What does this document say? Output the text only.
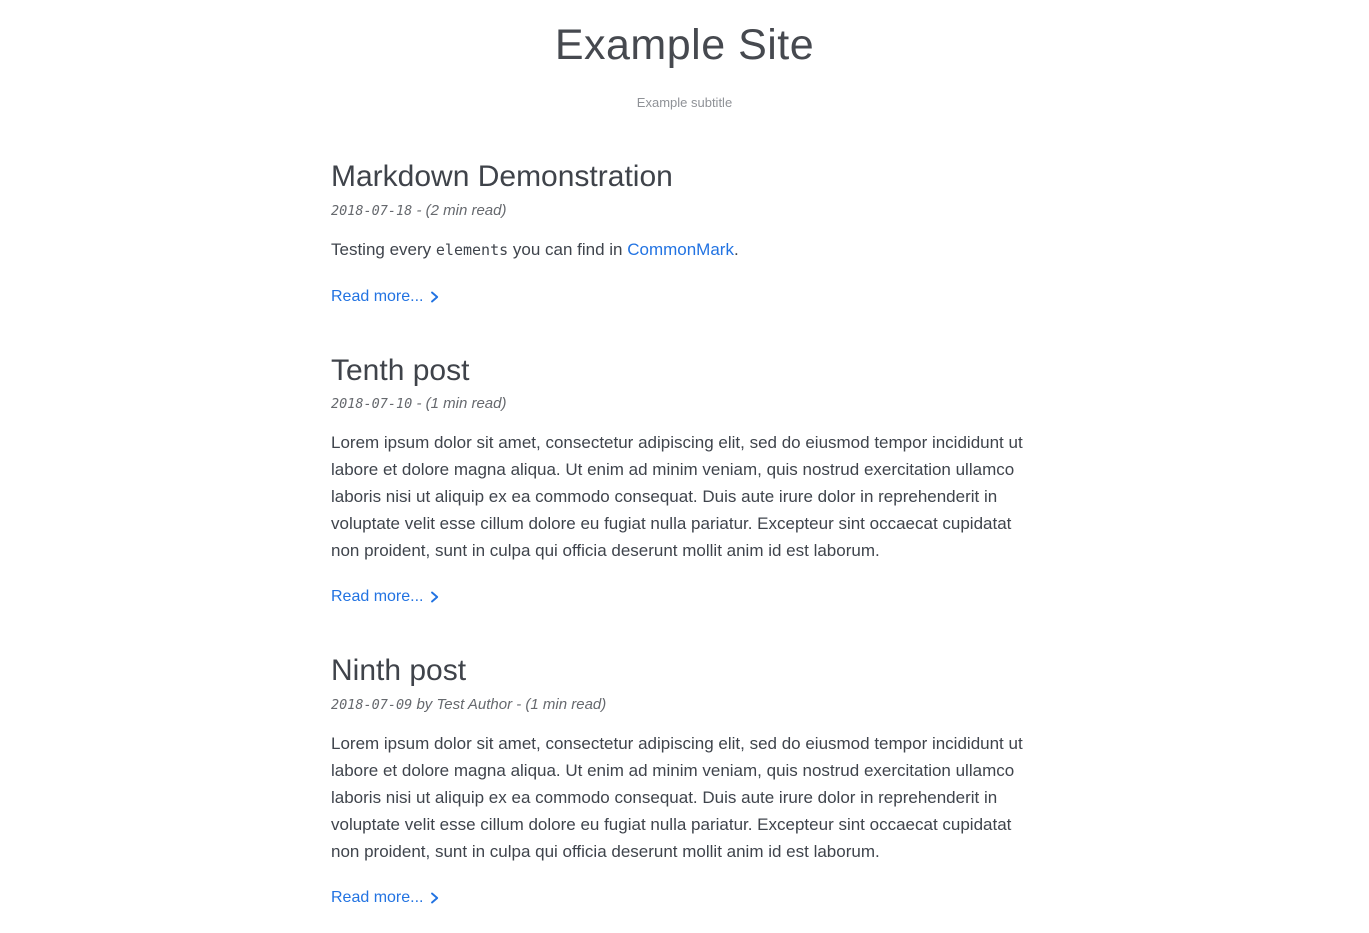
Example Site

Example subtitle

Markdown Demonstration

2018-07-18 - (2 min read)

Testing every elements you can find in CommonMark.

Read more...

Tenth post

2018-07-10 - (1 min read)

Lorem ipsum dolor sit amet, consectetur adipiscing elit, sed do eiusmod tempor incididunt ut labore et dolore magna aliqua. Ut enim ad minim veniam, quis nostrud exercitation ullamco laboris nisi ut aliquip ex ea commodo consequat. Duis aute irure dolor in reprehenderit in voluptate velit esse cillum dolore eu fugiat nulla pariatur. Excepteur sint occaecat cupidatat non proident, sunt in culpa qui officia deserunt mollit anim id est laborum.

Read more...

Ninth post

2018-07-09 by Test Author - (1 min read)

Lorem ipsum dolor sit amet, consectetur adipiscing elit, sed do eiusmod tempor incididunt ut labore et dolore magna aliqua. Ut enim ad minim veniam, quis nostrud exercitation ullamco laboris nisi ut aliquip ex ea commodo consequat. Duis aute irure dolor in reprehenderit in voluptate velit esse cillum dolore eu fugiat nulla pariatur. Excepteur sint occaecat cupidatat non proident, sunt in culpa qui officia deserunt mollit anim id est laborum.

Read more...
